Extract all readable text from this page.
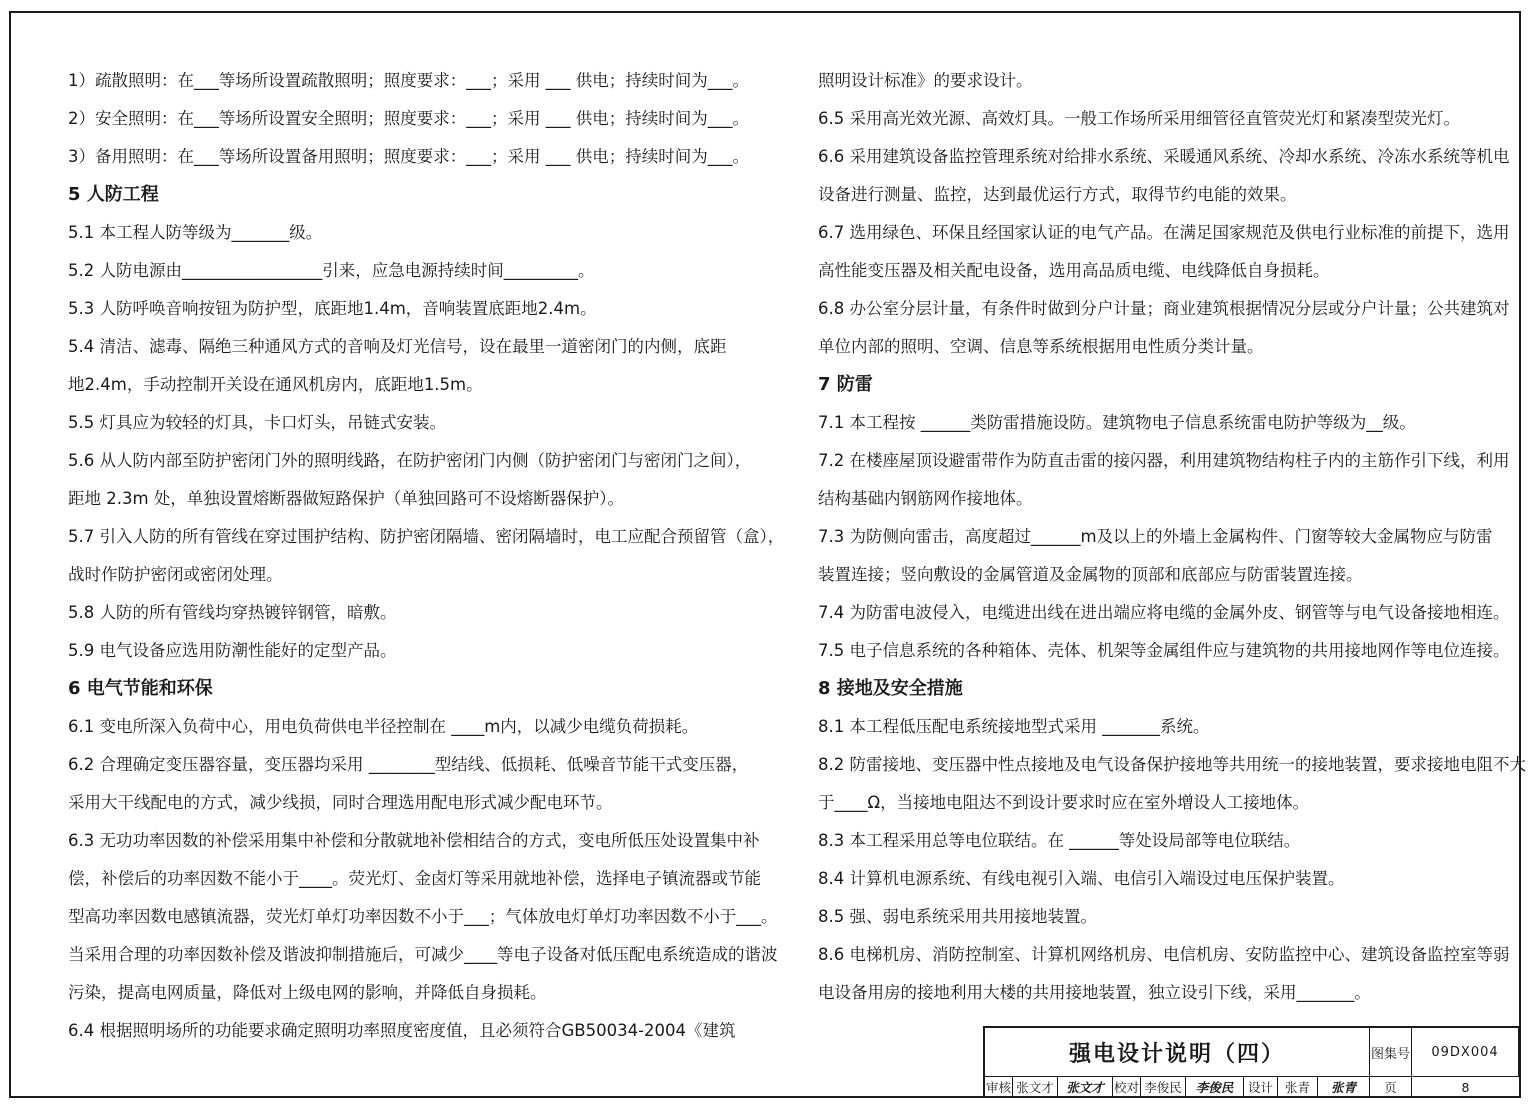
1）疏散照明：在___等场所设置疏散照明；照度要求：___；采用 ___ 供电；持续时间为___。
2）安全照明：在___等场所设置安全照明；照度要求：___；采用 ___ 供电；持续时间为___。
3）备用照明：在___等场所设置备用照明；照度要求：___；采用 ___ 供电；持续时间为___。
5 人防工程
5.1 本工程人防等级为_______级。
5.2 人防电源由_________________引来，应急电源持续时间_________。
5.3 人防呼唤音响按钮为防护型，底距地1.4m，音响装置底距地2.4m。
5.4 清洁、滤毒、隔绝三种通风方式的音响及灯光信号，设在最里一道密闭门的内侧，底距
地2.4m，手动控制开关设在通风机房内，底距地1.5m。
5.5 灯具应为较轻的灯具，卡口灯头，吊链式安装。
5.6 从人防内部至防护密闭门外的照明线路，在防护密闭门内侧（防护密闭门与密闭门之间），
距地 2.3m 处，单独设置熔断器做短路保护（单独回路可不设熔断器保护）。
5.7 引入人防的所有管线在穿过围护结构、防护密闭隔墙、密闭隔墙时，电工应配合预留管（盒），
战时作防护密闭或密闭处理。
5.8 人防的所有管线均穿热镀锌钢管，暗敷。
5.9 电气设备应选用防潮性能好的定型产品。
6 电气节能和环保
6.1 变电所深入负荷中心，用电负荷供电半径控制在 ____m内，以减少电缆负荷损耗。
6.2 合理确定变压器容量，变压器均采用 ________型结线、低损耗、低噪音节能干式变压器，
采用大干线配电的方式，减少线损，同时合理选用配电形式减少配电环节。
6.3 无功功率因数的补偿采用集中补偿和分散就地补偿相结合的方式，变电所低压处设置集中补
偿，补偿后的功率因数不能小于____。荧光灯、金卤灯等采用就地补偿，选择电子镇流器或节能
型高功率因数电感镇流器，荧光灯单灯功率因数不小于___；气体放电灯单灯功率因数不小于___。
当采用合理的功率因数补偿及谐波抑制措施后，可减少____等电子设备对低压配电系统造成的谐波
污染，提高电网质量，降低对上级电网的影响，并降低自身损耗。
6.4 根据照明场所的功能要求确定照明功率照度密度值，且必须符合GB50034-2004《建筑
照明设计标准》的要求设计。
6.5 采用高光效光源、高效灯具。一般工作场所采用细管径直管荧光灯和紧凑型荧光灯。
6.6 采用建筑设备监控管理系统对给排水系统、采暖通风系统、冷却水系统、冷冻水系统等机电
设备进行测量、监控，达到最优运行方式，取得节约电能的效果。
6.7 选用绿色、环保且经国家认证的电气产品。在满足国家规范及供电行业标准的前提下，选用
高性能变压器及相关配电设备，选用高品质电缆、电线降低自身损耗。
6.8 办公室分层计量，有条件时做到分户计量；商业建筑根据情况分层或分户计量；公共建筑对
单位内部的照明、空调、信息等系统根据用电性质分类计量。
7 防雷
7.1 本工程按 ______类防雷措施设防。建筑物电子信息系统雷电防护等级为__级。
7.2 在楼座屋顶设避雷带作为防直击雷的接闪器，利用建筑物结构柱子内的主筋作引下线，利用
结构基础内钢筋网作接地体。
7.3 为防侧向雷击，高度超过______m及以上的外墙上金属构件、门窗等较大金属物应与防雷
装置连接；竖向敷设的金属管道及金属物的顶部和底部应与防雷装置连接。
7.4 为防雷电波侵入，电缆进出线在进出端应将电缆的金属外皮、钢管等与电气设备接地相连。
7.5 电子信息系统的各种箱体、壳体、机架等金属组件应与建筑物的共用接地网作等电位连接。
8 接地及安全措施
8.1 本工程低压配电系统接地型式采用 _______系统。
8.2 防雷接地、变压器中性点接地及电气设备保护接地等共用统一的接地装置，要求接地电阻不大
于____Ω，当接地电阻达不到设计要求时应在室外增设人工接地体。
8.3 本工程采用总等电位联结。在 ______等处设局部等电位联结。
8.4 计算机电源系统、有线电视引入端、电信引入端设过电压保护装置。
8.5 强、弱电系统采用共用接地装置。
8.6 电梯机房、消防控制室、计算机网络机房、电信机房、安防监控中心、建筑设备监控室等弱
电设备用房的接地利用大楼的共用接地装置，独立设引下线，采用_______。
强电设计说明（四）	图集号	09DX004
审核 张文才 张文才 校对 李俊民	李俊民	设计 张青	张青	页	8
